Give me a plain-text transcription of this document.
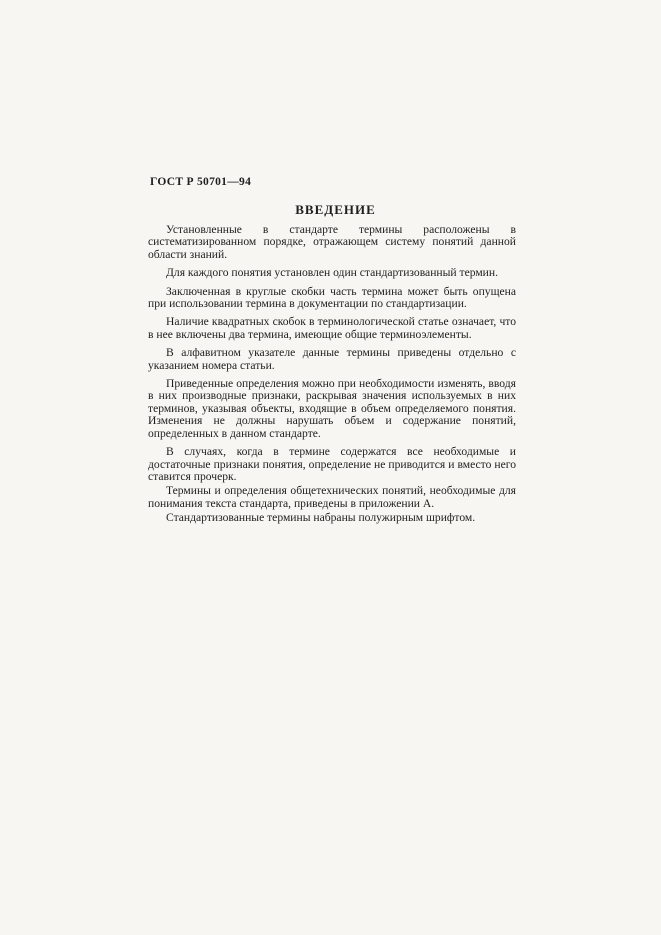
ГОСТ Р 50701—94
ВВЕДЕНИЕ

Установленные в стандарте термины расположены в систематизированном порядке, отражающем систему понятий данной области знаний.

Для каждого понятия установлен один стандартизованный термин.

Заключенная в круглые скобки часть термина может быть опущена при использовании термина в документации по стандартизации.

Наличие квадратных скобок в терминологической статье означает, что в нее включены два термина, имеющие общие терминоэлементы.

В алфавитном указателе данные термины приведены отдельно с указанием номера статьи.

Приведенные определения можно при необходимости изменять, вводя в них производные признаки, раскрывая значения используемых в них терминов, указывая объекты, входящие в объем определяемого понятия. Изменения не должны нарушать объем и содержание понятий, определенных в данном стандарте.

В случаях, когда в термине содержатся все необходимые и достаточные признаки понятия, определение не приводится и вместо него ставится прочерк.

Термины и определения общетехнических понятий, необходимые для понимания текста стандарта, приведены в приложении А.

Стандартизованные термины набраны полужирным шрифтом.
